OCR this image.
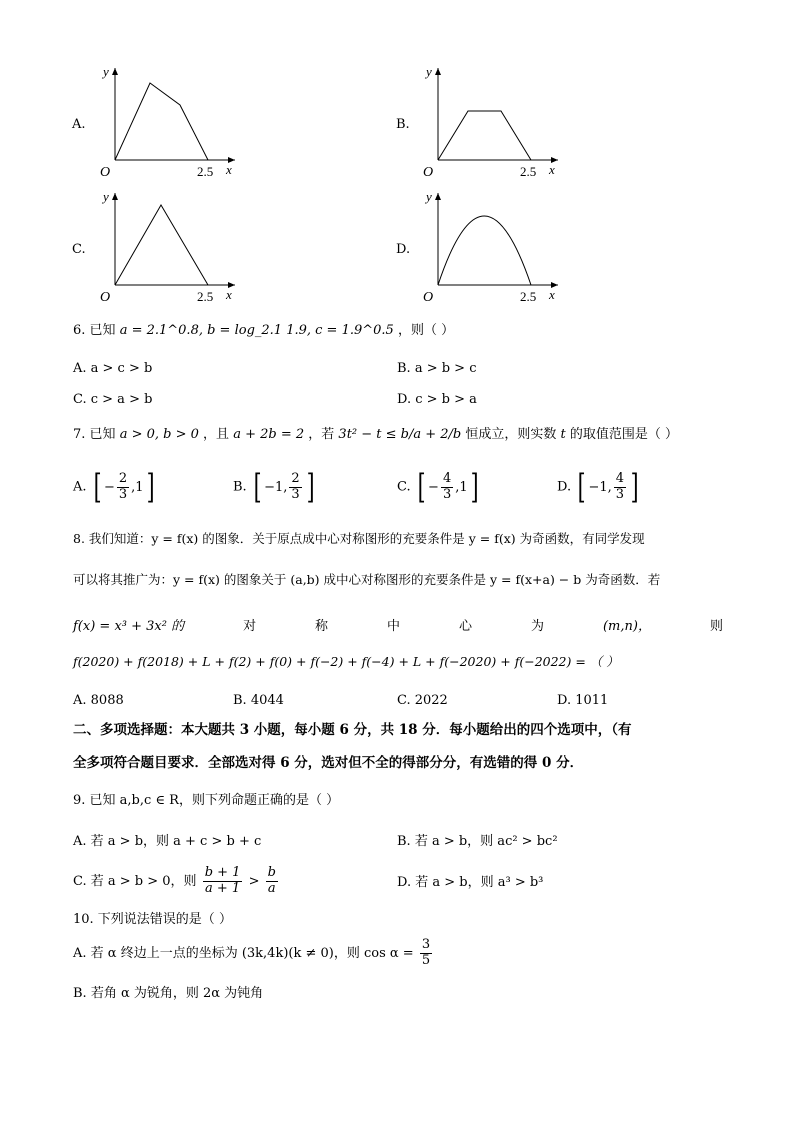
A.
y
x
O	2.5
B.
y
x
O	2.5
C.
y
x
O	2.5
D.
y
x
O	2.5
6. 已知 a = 2.1^0.8, b = log_2.1 1.9, c = 1.9^0.5 ，则（ ）
A. a > c > b	B. a > b > c
C. c > a > b	D. c > b > a
7. 已知 a > 0, b > 0 ，且 a + 2b = 2 ，若 3t² − t ≤ b/a + 2/b 恒成立，则实数 t 的取值范围是（ ）
A. [ − $\frac{2}{3} ,1$ ]	B. [ −1, $\frac{2}{3}$ ]	C. [ − $\frac{4}{3} ,1$ ]	D. [ −1, $\frac{4}{3}$ ]
8. 我们知道：y = f(x) 的图象．关于原点成中心对称图形的充要条件是 y = f(x) 为奇函数，有同学发现
可以将其推广为：y = f(x) 的图象关于 (a,b) 成中心对称图形的充要条件是 y = f(x+a) − b 为奇函数．若
f(x) = x³ + 3x² 的	对	称	中	心	为	(m,n)，	则
f(2020) + f(2018) + L + f(2) + f(0) + f(−2) + f(−4) + L + f(−2020) + f(−2022) = （ ）
A. 8088	B. 4044	C. 2022	D. 1011
二、多项选择题：本大题共 3 小题，每小题 6 分，共 18 分．每小题给出的四个选项中，（有
全多项符合题目要求．全部选对得 6 分，选对但不全的得部分分，有选错的得 0 分．
9. 已知 a,b,c ∈ R，则下列命题正确的是（ ）
A. 若 a > b，则 a + c > b + c	B. 若 a > b，则 ac² > bc²
C. 若 a > b > 0，则 $\frac{b + 1}{a + 1} > \frac{b}{a}$	D. 若 a > b，则 a³ > b³
10. 下列说法错误的是（ ）
A. 若 α 终边上一点的坐标为 (3k,4k)(k ≠ 0)，则 $\cos \alpha = \frac{3}{5}$
B. 若角 α 为锐角，则 2α 为钝角
